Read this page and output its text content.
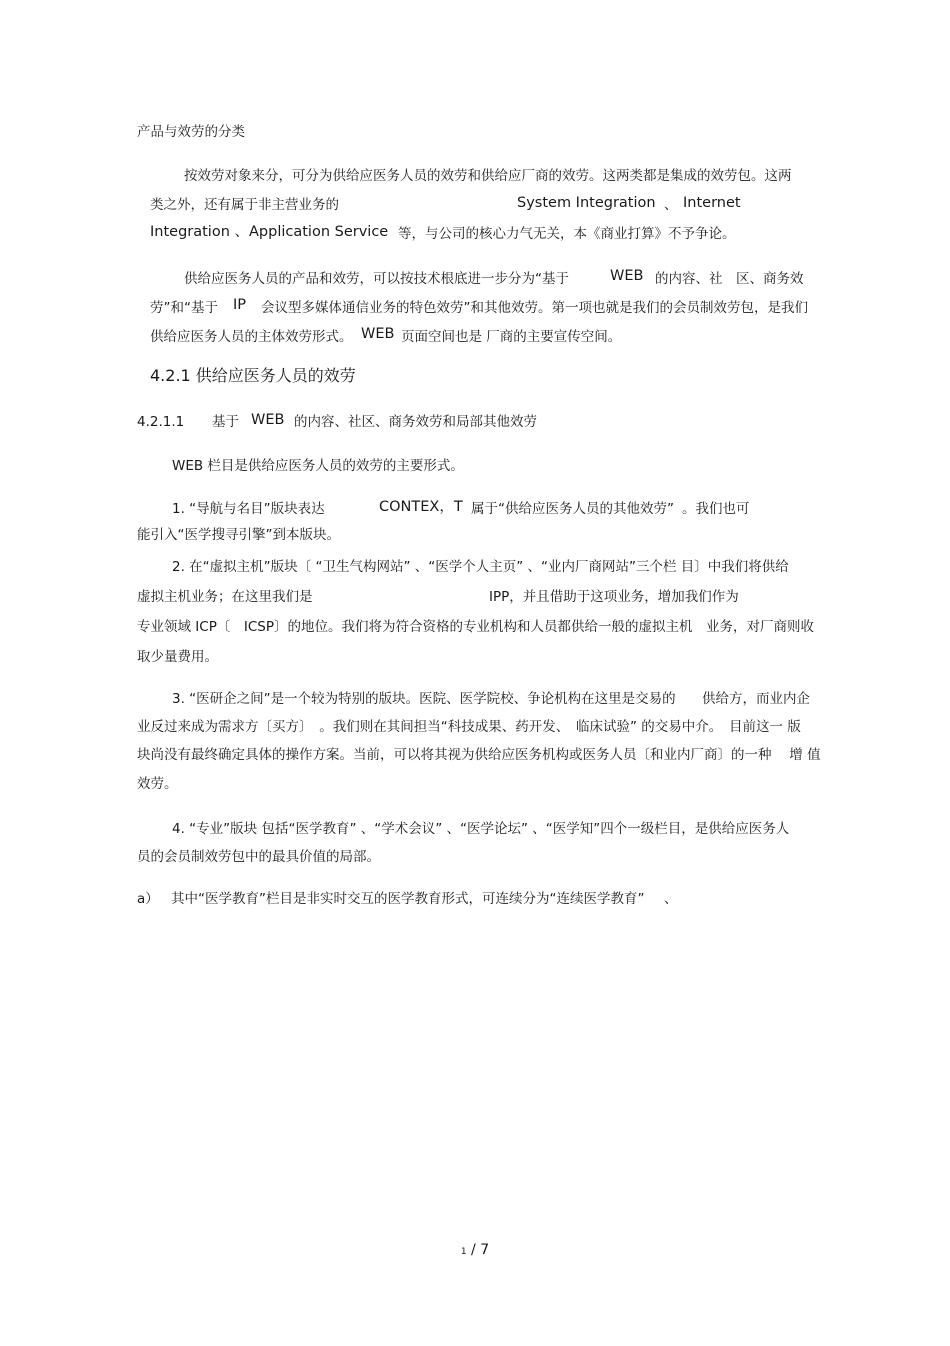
产品与效劳的分类
按效劳对象来分，可分为供给应医务人员的效劳和供给应厂商的效劳。这两类都是集成的效劳包。这两
类之外，还有属于非主营业务的	System Integration 、 Internet
Integration 、Application Service 等，与公司的核心力气无关，本《商业打算》不予争论。
供给应医务人员的产品和效劳，可以按技术根底进一步分为“基于	WEB 的内容、社　区、商务效
劳”和“基于 IP 会议型多媒体通信业务的特色效劳”和其他效劳。第一项也就是我们的会员制效劳包，是我们
供给应医务人员的主体效劳形式。 WEB 页面空间也是 厂商的主要宣传空间。
4.2.1 供给应医务人员的效劳
4.2.1.1 基于 WEB 的内容、社区、商务效劳和局部其他效劳
WEB 栏目是供给应医务人员的效劳的主要形式。
1. “导航与名目”版块表达	CONTEX，T 属于“供给应医务人员的其他效劳” 。我们也可
能引入“医学搜寻引擎”到本版块。
2. 在“虚拟主机”版块〔 “卫生气构网站” 、“医学个人主页” 、“业内厂商网站”三个栏 目〕中我们将供给
虚拟主机业务；在这里我们是	IPP，并且借助于这项业务，增加我们作为
专业领域 ICP〔　ICSP〕的地位。我们将为符合资格的专业机构和人员都供给一般的虚拟主机　业务，对厂商则收
取少量费用。
3. “医研企之间”是一个较为特别的版块。医院、医学院校、争论机构在这里是交易的 供给方，而业内企
业反过来成为需求方〔买方〕　。我们则在其间担当“科技成果、药开发、　临床试验” 的交易中介。　目前这一 版
块尚没有最终确定具体的操作方案。当前，可以将其视为供给应医务机构或医务人员〔和业内厂商〕的一种　 增 值
效劳。
4. “专业”版块 包括“医学教育” 、“学术会议” 、“医学论坛” 、“医学知”四个一级栏目，是供给应医务人
员的会员制效劳包中的最具价值的局部。
a） 其中“医学教育”栏目是非实时交互的医学教育形式，可连续分为“连续医学教育” 、
1 / 7
